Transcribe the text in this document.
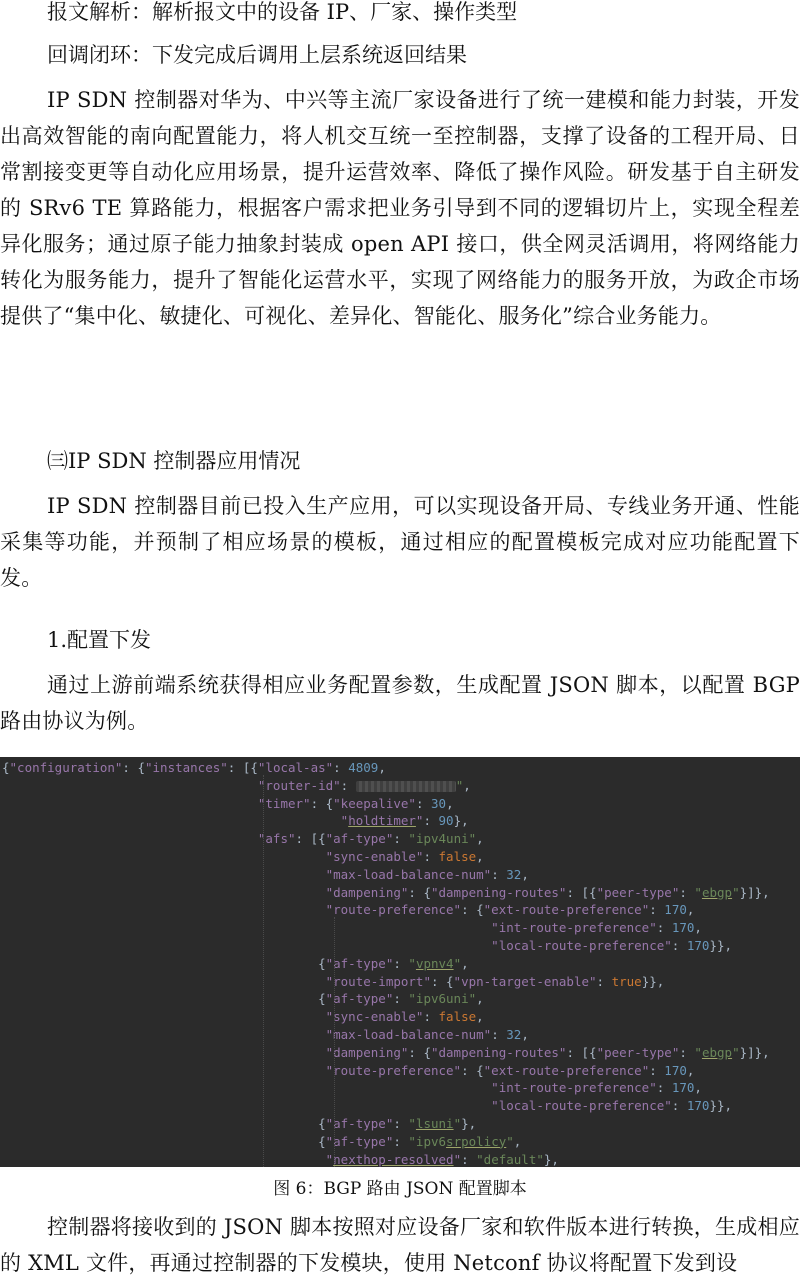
报文解析：解析报文中的设备 IP、厂家、操作类型

回调闭环：下发完成后调用上层系统返回结果

IP SDN 控制器对华为、中兴等主流厂家设备进行了统一建模和能力封装，开发出高效智能的南向配置能力，将人机交互统一至控制器，支撑了设备的工程开局、日常割接变更等自动化应用场景，提升运营效率、降低了操作风险。研发基于自主研发的 SRv6 TE 算路能力，根据客户需求把业务引导到不同的逻辑切片上，实现全程差异化服务；通过原子能力抽象封装成 open API 接口，供全网灵活调用，将网络能力转化为服务能力，提升了智能化运营水平，实现了网络能力的服务开放，为政企市场提供了“集中化、敏捷化、可视化、差异化、智能化、服务化”综合业务能力。

㈢IP SDN 控制器应用情况

IP SDN 控制器目前已投入生产应用，可以实现设备开局、专线业务开通、性能采集等功能，并预制了相应场景的模板，通过相应的配置模板完成对应功能配置下发。

1.配置下发

通过上游前端系统获得相应业务配置参数，生成配置 JSON 脚本，以配置 BGP 路由协议为例。

{"configuration": {"instances": [{"local-as": 4809,
"router-id":	",
"timer": {"keepalive": 30,
"holdtimer": 90},
"afs": [{"af-type": "ipv4uni",
"sync-enable": false,
"max-load-balance-num": 32,
"dampening": {"dampening-routes": [{"peer-type": "ebgp"}]},
"route-preference": {"ext-route-preference": 170,
"int-route-preference": 170,
"local-route-preference": 170}},
{"af-type": "vpnv4",
"route-import": {"vpn-target-enable": true}},
{"af-type": "ipv6uni",
"sync-enable": false,
"max-load-balance-num": 32,
"dampening": {"dampening-routes": [{"peer-type": "ebgp"}]},
"route-preference": {"ext-route-preference": 170,
"int-route-preference": 170,
"local-route-preference": 170}},
{"af-type": "lsuni"},
{"af-type": "ipv6srpolicy",
"nexthop-resolved": "default"},

图 6：BGP 路由 JSON 配置脚本

控制器将接收到的 JSON 脚本按照对应设备厂家和软件版本进行转换，生成相应的 XML 文件，再通过控制器的下发模块，使用 Netconf 协议将配置下发到设
